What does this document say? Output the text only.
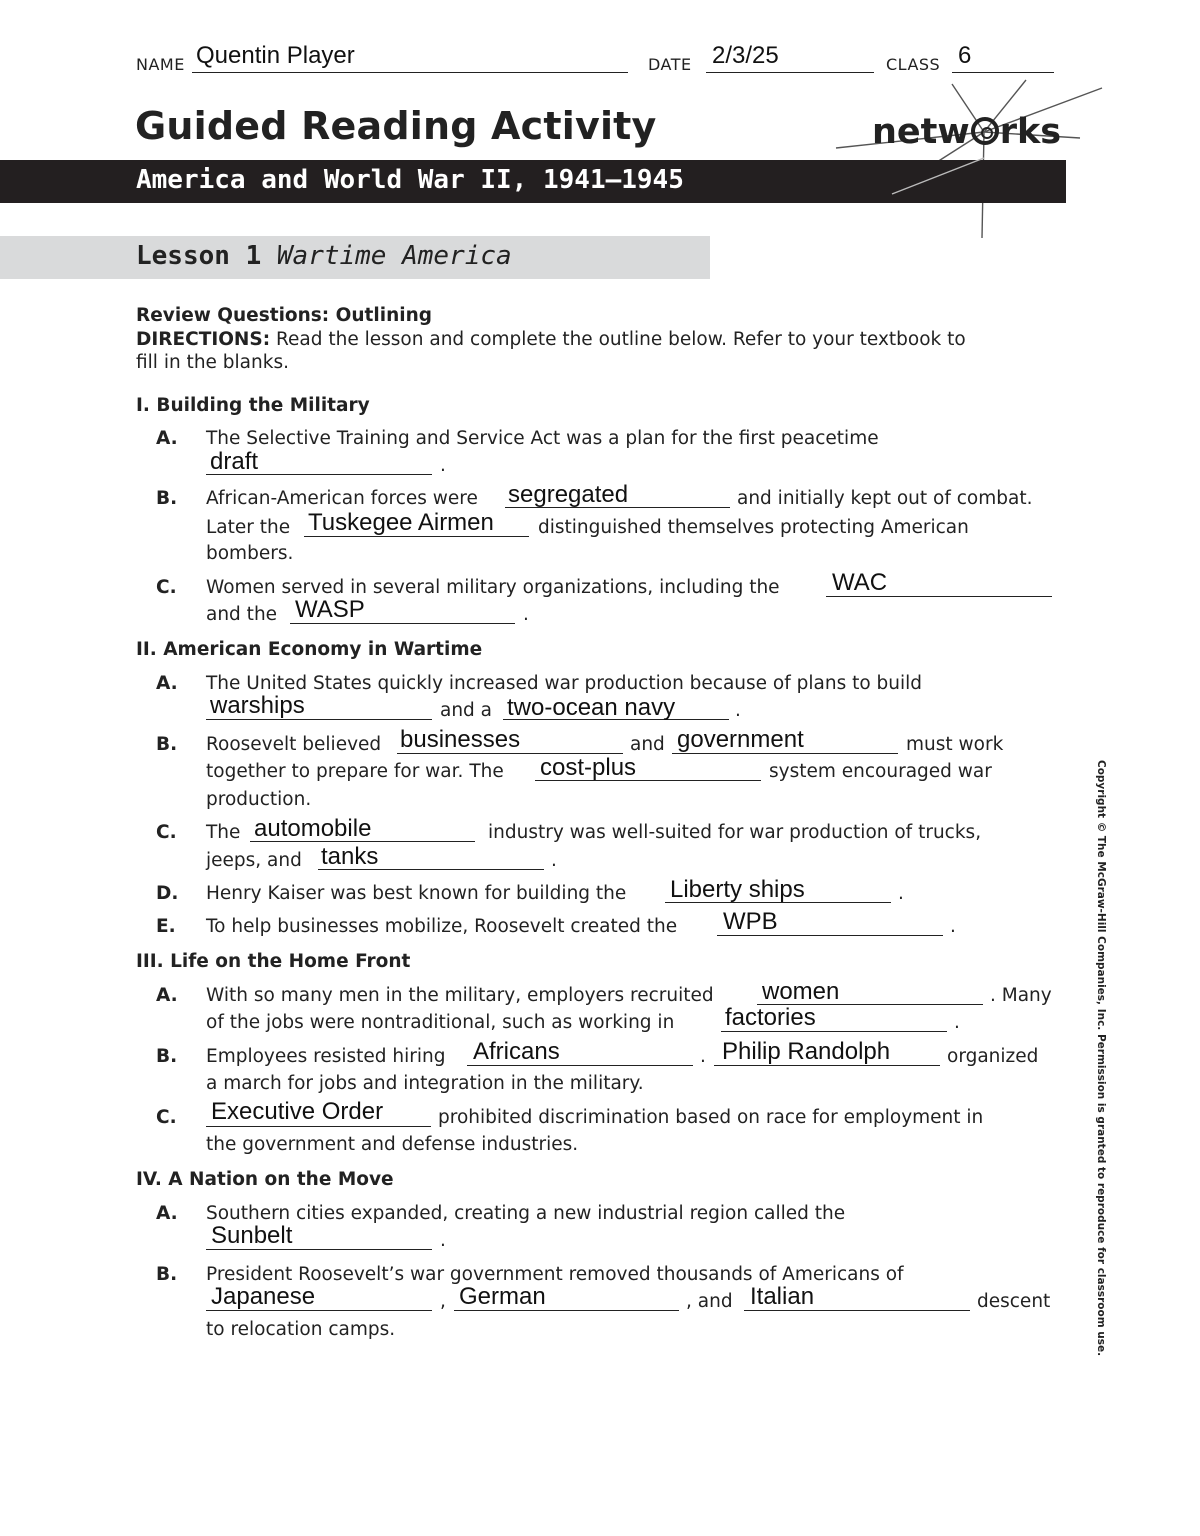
NAME Quentin Player	DATE 2/3/25	CLASS 6
Guided Reading Activity	netw rks
America and World War II, 1941–1945
Lesson 1 Wartime America
Review Questions: Outlining
DIRECTIONS: Read the lesson and complete the outline below. Refer to your textbook to
fill in the blanks.
I. Building the Military
A. The Selective Training and Service Act was a plan for the first peacetime
draft	.
B. African-American forces were segregated	and initially kept out of combat.
Later the Tuskegee Airmen distinguished themselves protecting American
bombers.
C. Women served in several military organizations, including the WAC
and the WASP	.
II. American Economy in Wartime
A. The United States quickly increased war production because of plans to build
warships	and a two-ocean navy	.
B. Roosevelt believed businesses	and government	must work
together to prepare for war. The cost-plus	system encouraged war
production.
C. The automobile	industry was well-suited for war production of trucks,
jeeps, and tanks	.
D. Henry Kaiser was best known for building the Liberty ships	.
E. To help businesses mobilize, Roosevelt created the WPB	.
III. Life on the Home Front
A. With so many men in the military, employers recruited women	. Many
of the jobs were nontraditional, such as working in factories	.
B. Employees resisted hiring Africans	. Philip Randolph	organized
a march for jobs and integration in the military.
C. Executive Order	prohibited discrimination based on race for employment in
the government and defense industries.
IV. A Nation on the Move
A. Southern cities expanded, creating a new industrial region called the
Sunbelt	.
B. President Roosevelt’s war government removed thousands of Americans of
Japanese	, German	, and Italian	descent
to relocation camps.	Copyright © The McGraw-Hill Companies, Inc. Permission is granted to reproduce for classroom use.
